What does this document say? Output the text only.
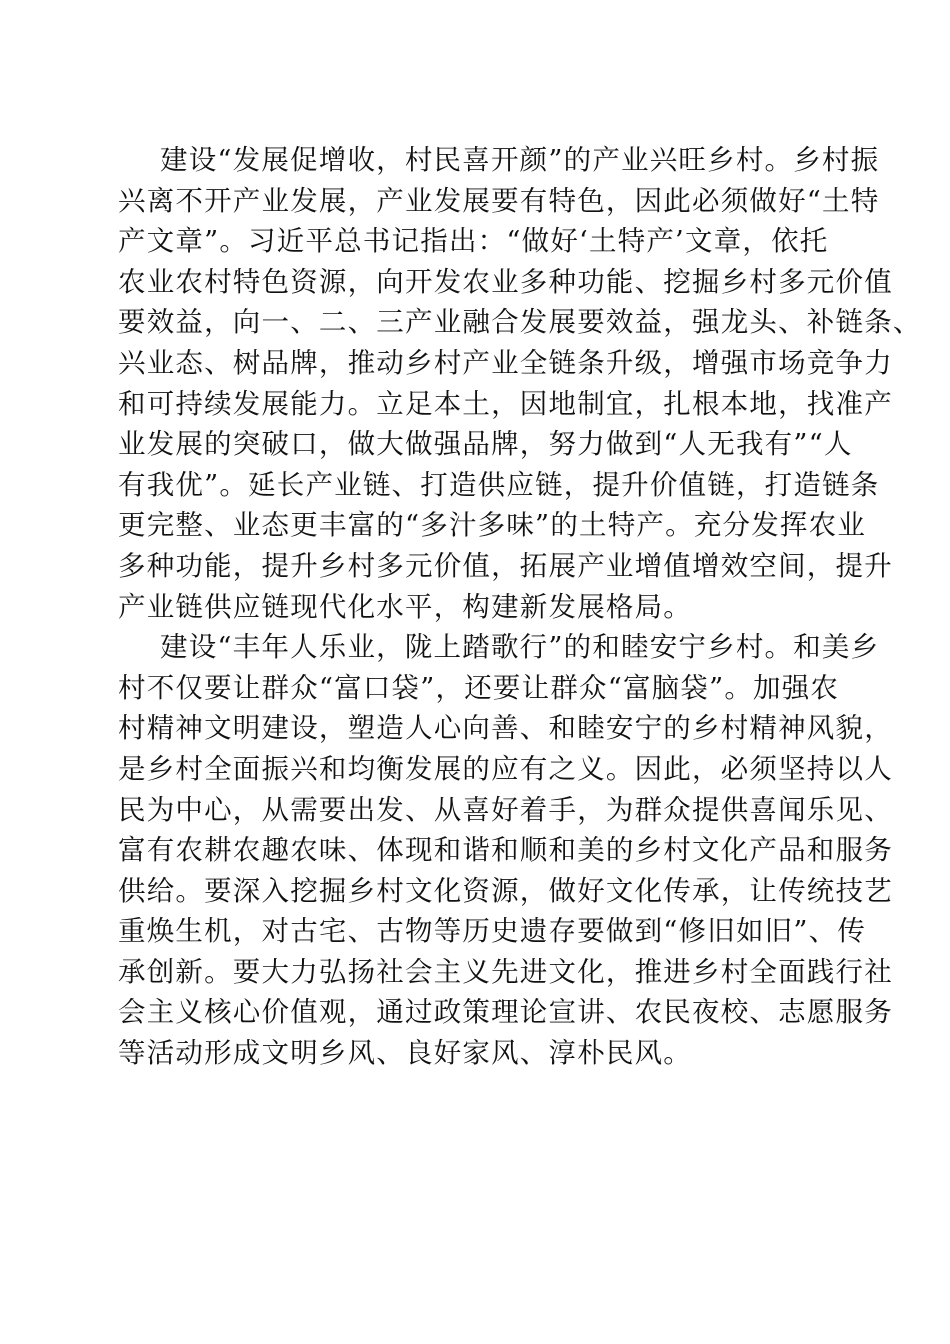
建设“发展促增收，村民喜开颜”的产业兴旺乡村。乡村振
兴离不开产业发展，产业发展要有特色，因此必须做好“土特
产文章”。习近平总书记指出：“做好‘土特产’文章，依托
农业农村特色资源，向开发农业多种功能、挖掘乡村多元价值
要效益，向一、二、三产业融合发展要效益，强龙头、补链条、
兴业态、树品牌，推动乡村产业全链条升级，增强市场竞争力
和可持续发展能力。立足本土，因地制宜，扎根本地，找准产
业发展的突破口，做大做强品牌，努力做到“人无我有”“人
有我优”。延长产业链、打造供应链，提升价值链，打造链条
更完整、业态更丰富的“多汁多味”的土特产。充分发挥农业
多种功能，提升乡村多元价值，拓展产业增值增效空间，提升
产业链供应链现代化水平，构建新发展格局。

建设“丰年人乐业，陇上踏歌行”的和睦安宁乡村。和美乡
村不仅要让群众“富口袋”，还要让群众“富脑袋”。加强农
村精神文明建设，塑造人心向善、和睦安宁的乡村精神风貌，
是乡村全面振兴和均衡发展的应有之义。因此，必须坚持以人
民为中心，从需要出发、从喜好着手，为群众提供喜闻乐见、
富有农耕农趣农味、体现和谐和顺和美的乡村文化产品和服务
供给。要深入挖掘乡村文化资源，做好文化传承，让传统技艺
重焕生机，对古宅、古物等历史遗存要做到“修旧如旧”、传
承创新。要大力弘扬社会主义先进文化，推进乡村全面践行社
会主义核心价值观，通过政策理论宣讲、农民夜校、志愿服务
等活动形成文明乡风、良好家风、淳朴民风。
